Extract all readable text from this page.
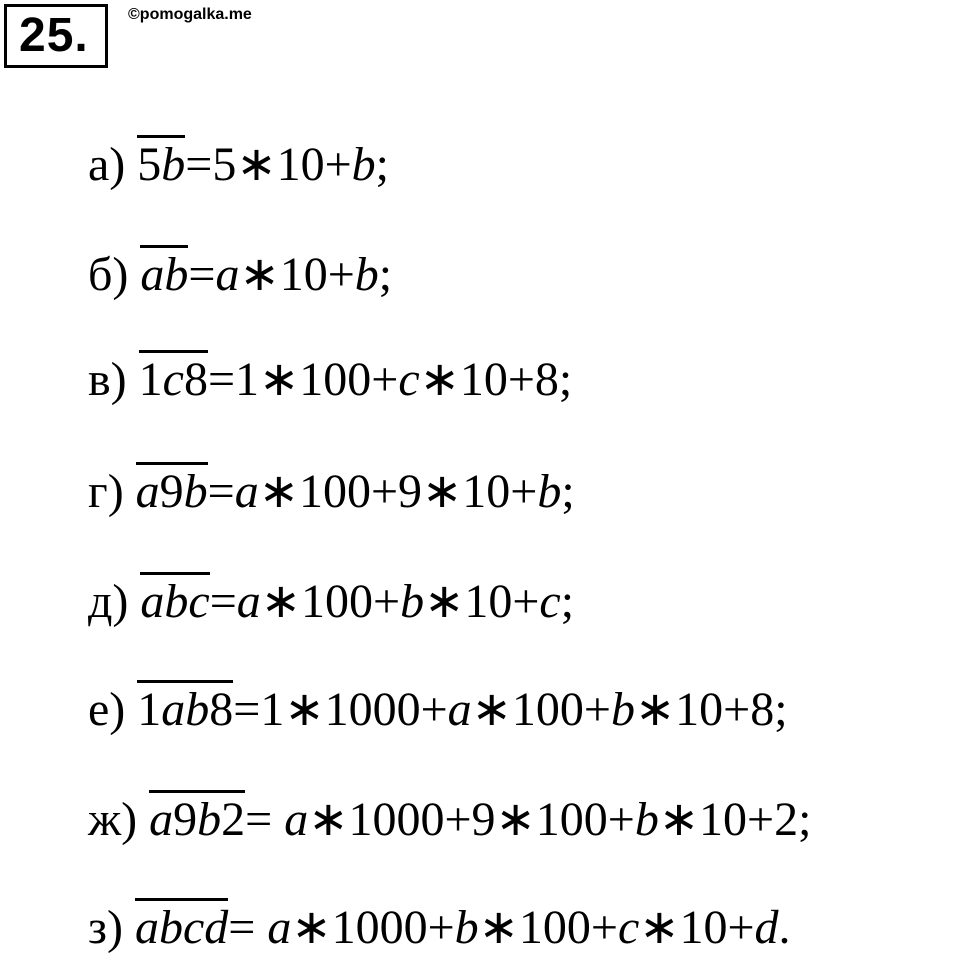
25.	©pomogalka.me
а) 5b=5∗10+b;
б) ab=a∗10+b;
в) 1c8=1∗100+c∗10+8;
г) a9b=a∗100+9∗10+b;
д) abc=a∗100+b∗10+c;
е) 1ab8=1∗1000+a∗100+b∗10+8;
ж) a9b2= a∗1000+9∗100+b∗10+2;
з) abcd= a∗1000+b∗100+c∗10+d.
